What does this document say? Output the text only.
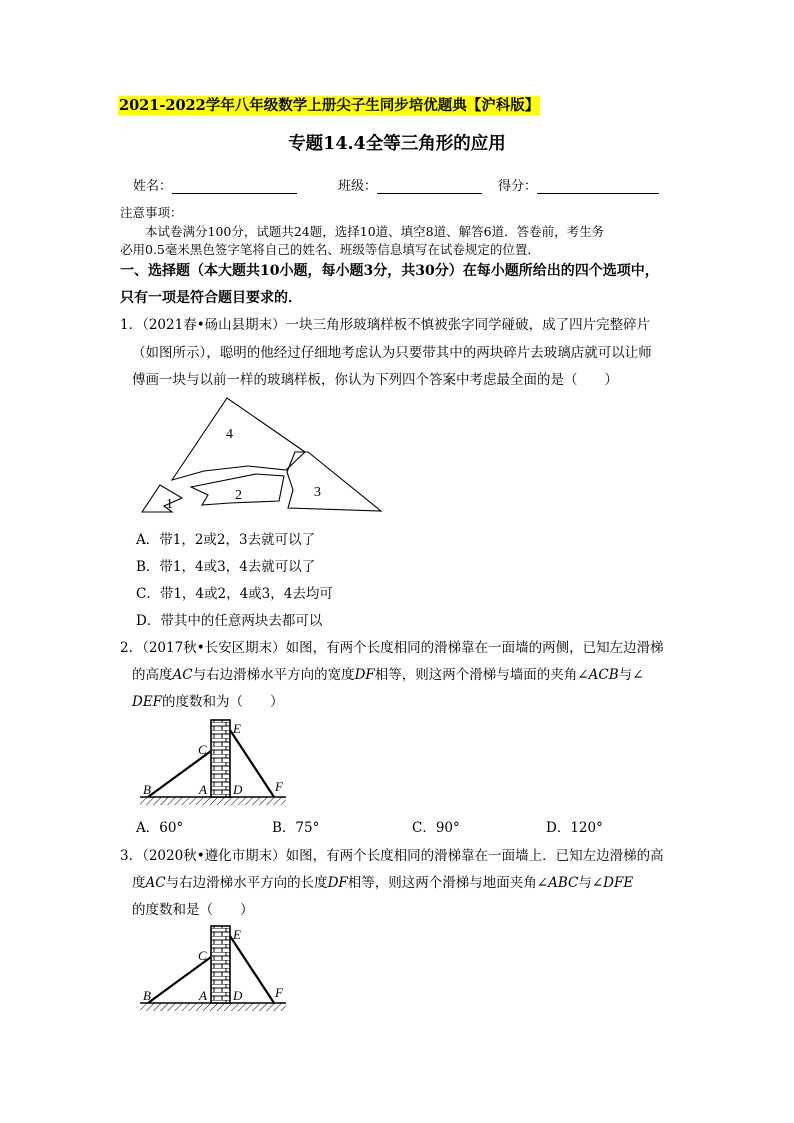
2021-2022学年八年级数学上册尖子生同步培优题典【沪科版】
专题14.4全等三角形的应用
姓名：	班级：	得分：
注意事项：
本试卷满分100分，试题共24题，选择10道、填空8道、解答6道．答卷前，考生务
必用0.5毫米黑色签字笔将自己的姓名、班级等信息填写在试卷规定的位置．
一、选择题（本大题共10小题，每小题3分，共30分）在每小题所给出的四个选项中，
只有一项是符合题目要求的．
1．（2021春•砀山县期末）一块三角形玻璃样板不慎被张字同学碰破，成了四片完整碎片
（如图所示），聪明的他经过仔细地考虑认为只要带其中的两块碎片去玻璃店就可以让师
傅画一块与以前一样的玻璃样板，你认为下列四个答案中考虑最全面的是（　　）
1
2	3
4
A．带1，2或2，3去就可以了
B．带1，4或3，4去就可以了
C．带1，4或2，4或3，4去均可
D．带其中的任意两块去都可以
2．（2017秋•长安区期末）如图，有两个长度相同的滑梯靠在一面墙的两侧，已知左边滑梯
的高度AC与右边滑梯水平方向的宽度DF相等，则这两个滑梯与墙面的夹角∠ACB与∠
DEF的度数和为（　　）
B
C
A D
E
F
A．60°	B．75°	C．90°	D．120°
3．（2020秋•遵化市期末）如图，有两个长度相同的滑梯靠在一面墙上．已知左边滑梯的高
度AC与右边滑梯水平方向的长度DF相等，则这两个滑梯与地面夹角∠ABC与∠DFE
的度数和是（　　）
B
C
A D
E
F
